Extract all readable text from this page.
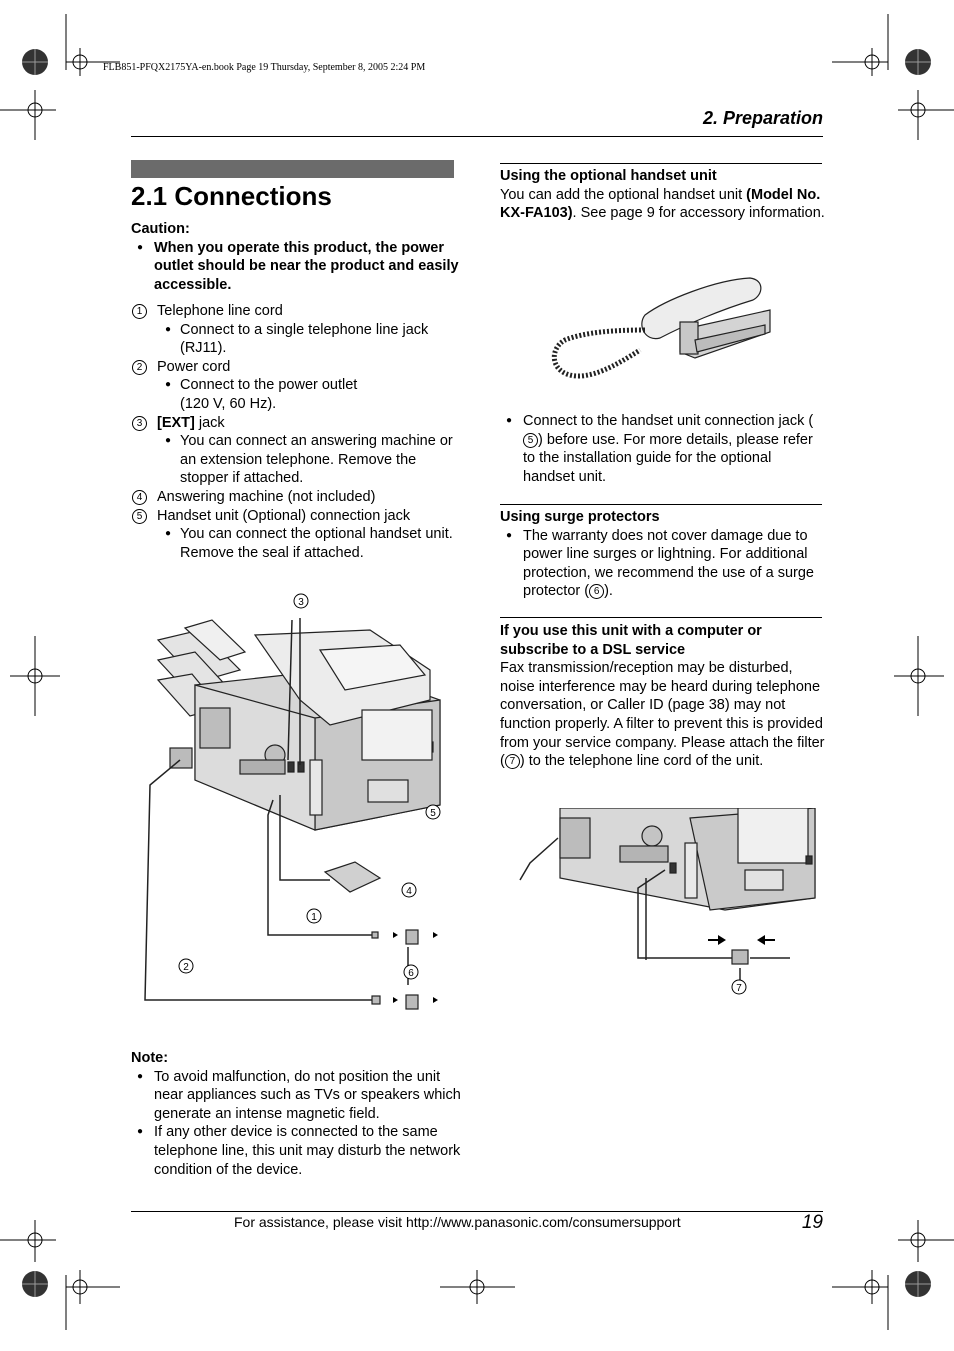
FLB851-PFQX2175YA-en.book Page 19 Thursday, September 8, 2005 2:24 PM
2. Preparation
2.1 Connections
Caution:
● When you operate this product, the power outlet should be near the product and easily accessible.
1	Telephone line cord
● Connect to a single telephone line jack (RJ11).
2	Power cord
● Connect to the power outlet
(120 V, 60 Hz).
3	[EXT] jack
● You can connect an answering machine or an extension telephone. Remove the stopper if attached.
4	Answering machine (not included)
5	Handset unit (Optional) connection jack
● You can connect the optional handset unit. Remove the seal if attached.
3
5
4
1
2
6
Note:
● To avoid malfunction, do not position the unit near appliances such as TVs or speakers which generate an intense magnetic field.
● If any other device is connected to the same telephone line, this unit may disturb the network condition of the device.
Using the optional handset unit
You can add the optional handset unit (Model No. KX-FA103). See page 9 for accessory information.
● Connect to the handset unit connection jack (5 ) before use. For more details, please refer to the installation guide for the optional handset unit.
Using surge protectors
● The warranty does not cover damage due to power line surges or lightning. For additional protection, we recommend the use of a surge protector ( 6 ).
If you use this unit with a computer or subscribe to a DSL service
Fax transmission/reception may be disturbed, noise interference may be heard during telephone conversation, or Caller ID (page 38) may not function properly. A filter to prevent this is provided from your service company. Please attach the filter ( 7 ) to the telephone line cord of the unit.
7
For assistance, please visit http://www.panasonic.com/consumersupport	19
